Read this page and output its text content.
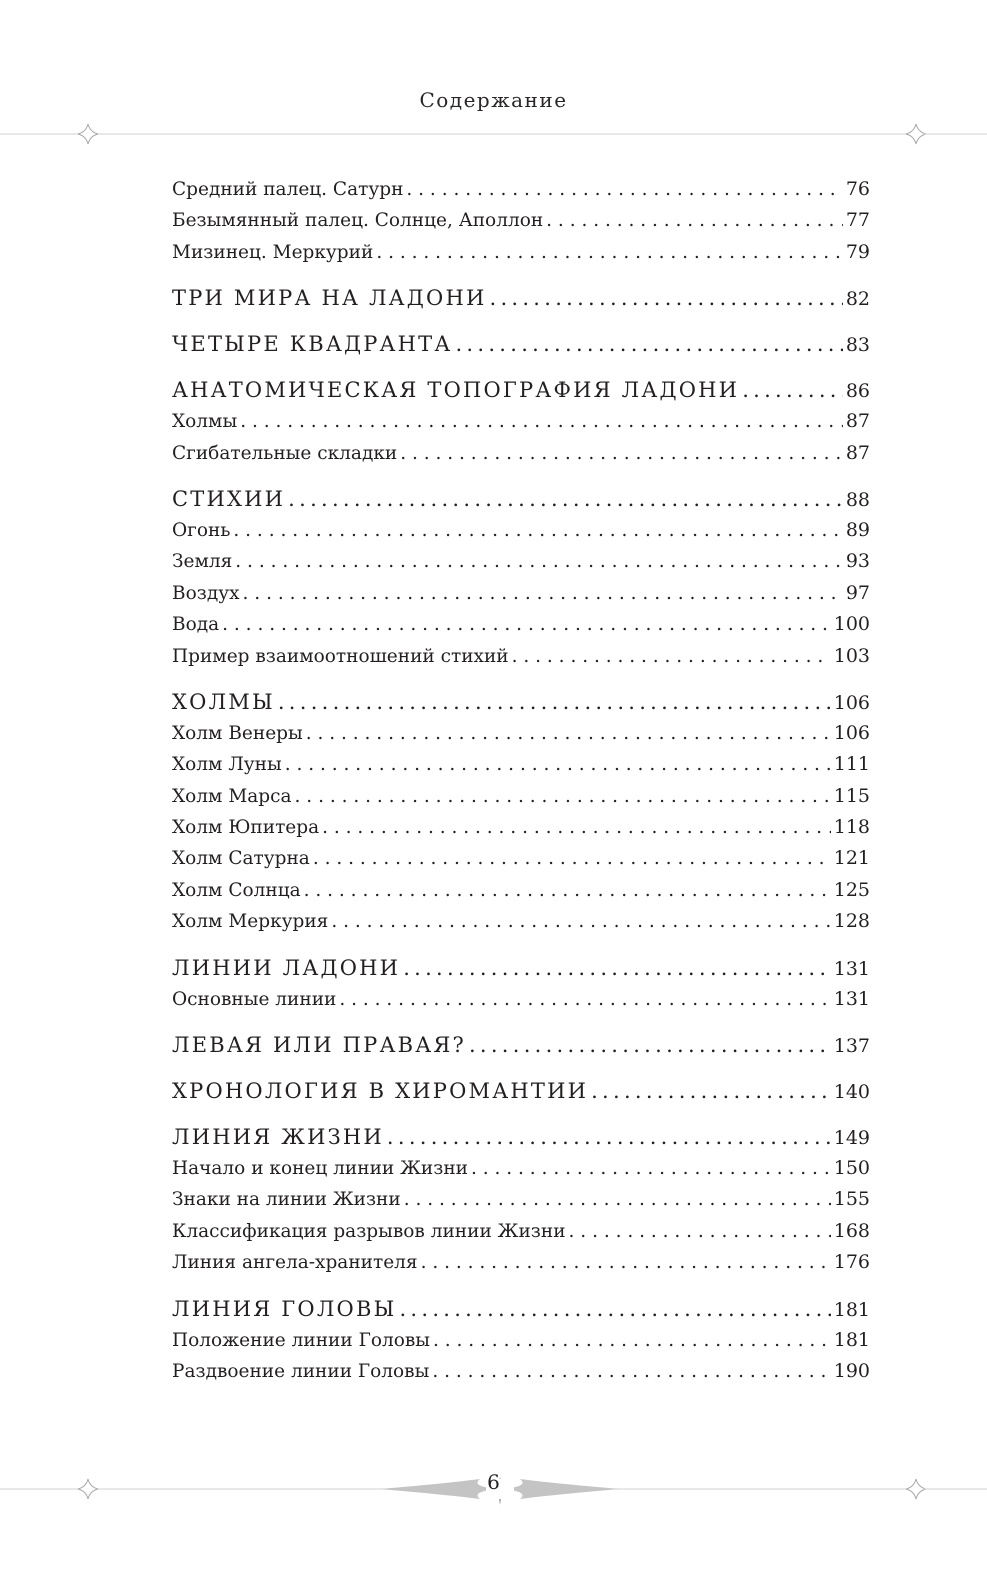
Содержание
Средний палец. Сатурн . . .	76
Безымянный палец. Солнце, Аполлон . . .	77
Мизинец. Меркурий . . .	79
ТРИ МИРА НА ЛАДОНИ . . .	82
ЧЕТЫРЕ КВАДРАНТА . . .	83
АНАТОМИЧЕСКАЯ ТОПОГРАФИЯ ЛАДОНИ . . .	86
Холмы . . .	87
Сгибательные складки . . .	87
СТИХИИ . . .	88
Огонь . . .	89
Земля . . .	93
Воздух . . .	97
Вода . . .	100
Пример взаимоотношений стихий . . .	103
ХОЛМЫ . . .	106
Холм Венеры . . .	106
Холм Луны . . .	111
Холм Марса . . .	115
Холм Юпитера . . .	118
Холм Сатурна . . .	121
Холм Солнца . . .	125
Холм Меркурия . . .	128
ЛИНИИ ЛАДОНИ . . .	131
Основные линии . . .	131
ЛЕВАЯ ИЛИ ПРАВАЯ? . . .	137
ХРОНОЛОГИЯ В ХИРОМАНТИИ . . .	140
ЛИНИЯ ЖИЗНИ . . .	149
Начало и конец линии Жизни . . .	150
Знаки на линии Жизни . . .	155
Классификация разрывов линии Жизни . . .	168
Линия ангела-хранителя . . .	176
ЛИНИЯ ГОЛОВЫ . . .	181
Положение линии Головы . . .	181
Раздвоение линии Головы . . .	190
6
